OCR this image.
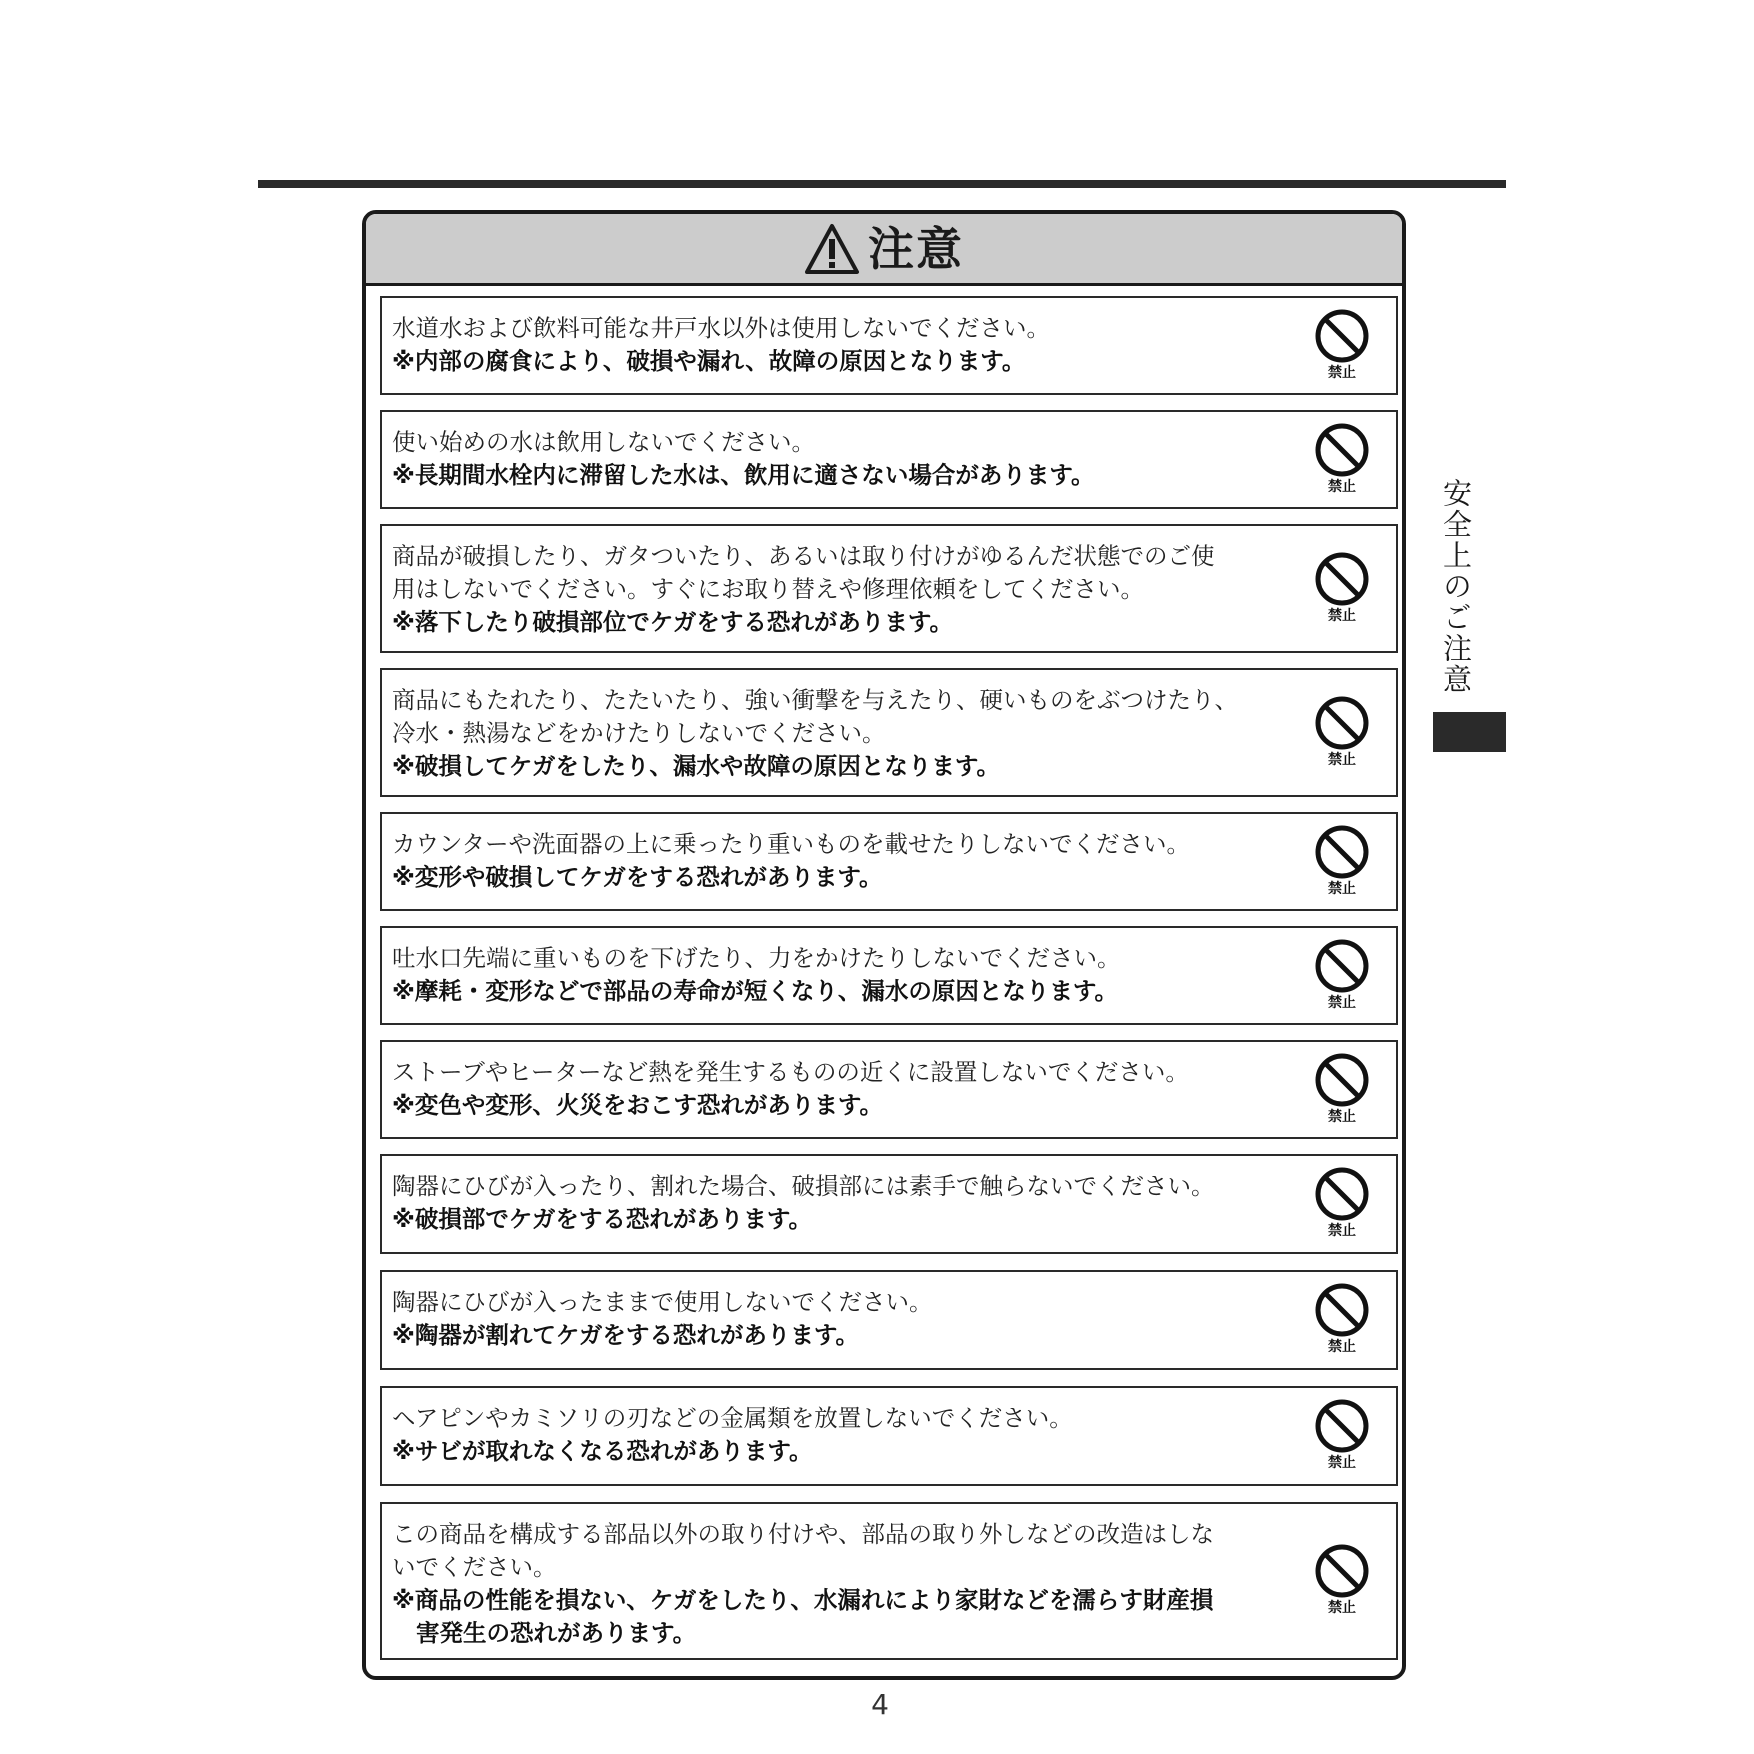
注意
水道水および飲料可能な井戸水以外は使用しないでください。
※内部の腐食により、破損や漏れ、故障の原因となります。	禁止
使い始めの水は飲用しないでください。
※長期間水栓内に滞留した水は、飲用に適さない場合があります。	禁止
商品が破損したり、ガタついたり、あるいは取り付けがゆるんだ状態でのご使
用はしないでください。すぐにお取り替えや修理依頼をしてください。
※落下したり破損部位でケガをする恐れがあります。	禁止
商品にもたれたり、たたいたり、強い衝撃を与えたり、硬いものをぶつけたり、
冷水・熱湯などをかけたりしないでください。
※破損してケガをしたり、漏水や故障の原因となります。	禁止
カウンターや洗面器の上に乗ったり重いものを載せたりしないでください。
※変形や破損してケガをする恐れがあります。	禁止
吐水口先端に重いものを下げたり、力をかけたりしないでください。
※摩耗・変形などで部品の寿命が短くなり、漏水の原因となります。	禁止
ストーブやヒーターなど熱を発生するものの近くに設置しないでください。
※変色や変形、火災をおこす恐れがあります。	禁止
陶器にひびが入ったり、割れた場合、破損部には素手で触らないでください。
※破損部でケガをする恐れがあります。	禁止
陶器にひびが入ったままで使用しないでください。
※陶器が割れてケガをする恐れがあります。	禁止
ヘアピンやカミソリの刃などの金属類を放置しないでください。
※サビが取れなくなる恐れがあります。	禁止
この商品を構成する部品以外の取り付けや、部品の取り外しなどの改造はしな
いでください。
※商品の性能を損ない、ケガをしたり、水漏れにより家財などを濡らす財産損
害発生の恐れがあります。
禁止
安全上のご注意
4
